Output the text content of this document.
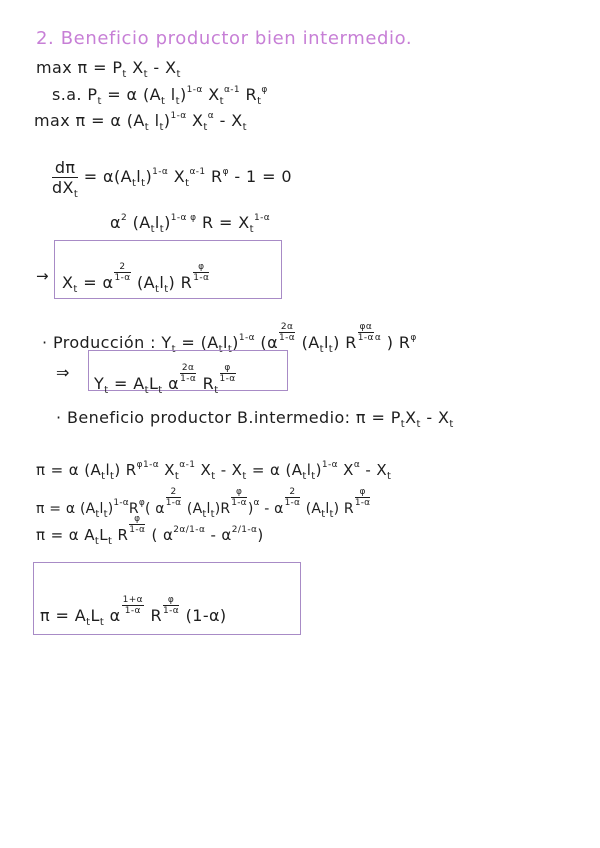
2. Beneficio productor bien intermedio.
$\max \pi = P_t$ $X_t - X_t$
s.a. $P_t = \alpha$ ($A_t$ $l_t)^{1-\alpha}$ $X_t^{\alpha-1}$ $R_t^\varphi$
max π = α ($A_t$ $l_t)^{1-\alpha}$ $X_t^\alpha - X_t$
dπ
$dX_t$
= $\alpha(A_tl_t)^{1-\alpha}$ $X_t^{\alpha-1}$ $R^\varphi - 1 = 0$
$\alpha^2$ $(A_tl_t)^{1-\alpha \varphi}$ $R = X_t^{1-\alpha}$
→ $X_t = \alpha \frac{2}{1-\alpha} (A_tl_t)$ R $\frac{\varphi}{1-\alpha}$
· Producción : $Y_t = (A_tl_t)^{1-\alpha}$ ($\alpha \frac{2\alpha}{1-\alpha} (A_tl_t)$ R $\frac{\varphi\alpha}{1-\alpha} ^\alpha$ ) $R^\varphi$
⇒
$Y_t = A_tL_t$ α $\frac{2\alpha}{1-\alpha} R_t$
$\frac{\varphi}{1-\alpha}$
· Beneficio productor B.intermedio: $\pi = P_tX_t - X_t$
π = α $(A_tl_t)$ $R^{\varphi 1-\alpha}$ $X_t^{\alpha-1}$ $X_t - X_t = \alpha$ $(A_tl_t)^{1-\alpha}$ $X^\alpha - X_t$
π = α $(A_tl_t)^{1-\alpha}R^\varphi$( α
$\frac{2}{1-\alpha}$
$(A_tl_t)R$
$\frac{\varphi}{1-\alpha}$
)$^\alpha$ - α
$\frac{2}{1-\alpha}$
$(A_tl_t)$ R
$\frac{\varphi}{1-\alpha}$
π = α $A_tL_t$ R $\frac{\varphi}{1-\alpha}$ ( $\alpha^{2\alpha/1-\alpha} - \alpha^{2/1-\alpha}$)
$\pi = A_tL_t$ α $\frac{1+\alpha}{1-\alpha}$ R $\frac{\varphi}{1-\alpha} (1-\alpha)$
